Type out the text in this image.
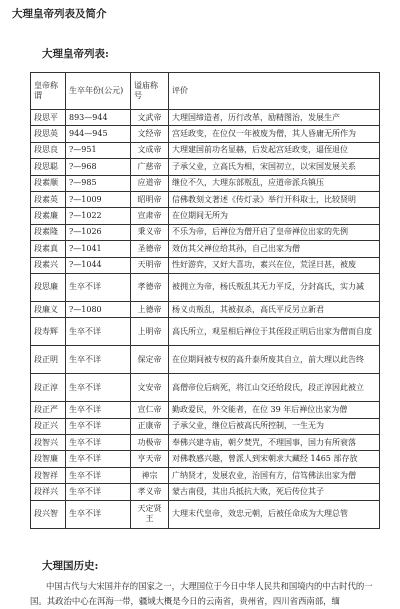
大理皇帝列表及简介
大理皇帝列表:
皇帝称谓	生卒年份(公元)	谥庙称号	评价
段思平	893—944	文武帝	大理国缔造者，历行改革，励精图治，发展生产
段思英	944—945	文经帝	宫廷政变，在位仅一年被废为僧，其人昏庸无所作为
段思良	?—951	文成帝	大理建国前功名显赫，后发起宫廷政变，逼侄退位
段思聪	?—968	广慈帝	子承父业，立高氏为相，宋国初立，以宋国发展关系
段素顺	?—985	应道帝	继位不久，大理东部叛乱，应道帝派兵镇压
段素英	?—1009	昭明帝	信佛教刻文著述《传灯录》举行开科取士，比较贤明
段素廉	?—1022	宣肃帝	在位期间无所为
段素隆	?—1026	秉义帝	不乐为帝，后禅位为僧开启了皇帝禅位出家的先例
段素真	?—1041	圣德帝	效仿其父禅位给其孙，自己出家为僧
段素兴	?—1044	天明帝	性好游弈，又好大喜功，素兴在位，荒淫日甚，被废
段思廉	生卒不详	孝德帝	被拥立为帝，杨氏叛乱其无力平反，分封高氏，实力减
段廉义	?—1080	上德帝	杨义贞叛乱，其被叔杀，高氏平反另立新君
段寿辉	生卒不详	上明帝	高氏所立，观星相后禅位于其侄段正明后出家为僧而自度
段正明	生卒不详	保定帝	在位期间被专权的高升泰所废其自立，前大理以此告终
段正淳	生卒不详	文安帝	高僧帝位后病死，将江山交还给段氏，段正淳因此被立
段正严	生卒不详	宣仁帝	勤政爱民，外交能者，在位 39 年后禅位出家为僧
段正兴	生卒不详	正康帝	子承父业，继位后被高氏所控制，一生无为
段智兴	生卒不详	功极帝	奉佛兴建寺庙，朝夕焚咒，不理国事，国力有所衰落
段智廉	生卒不详	亨天帝	对佛教感兴趣，曾派人到宋朝求大藏经 1465 部存放
段智祥	生卒不详	神宗	广纳贤才，发展农业，治国有方，信笃佛法出家为僧
段祥兴	生卒不详	孝义帝	蒙古南侵，其出兵抵抗大败，死后传位其子
段兴智	生卒不详	天定贤王	大理末代皇帝，效忠元朝，后被任命成为大理总管
大理国历史:
中国古代与大宋国并存的国家之一，大理国位于今日中华人民共和国境内的中古时代的一国。其政治中心在洱海一带，疆域大概是今日的云南省，贵州省，四川省西南部，缅
